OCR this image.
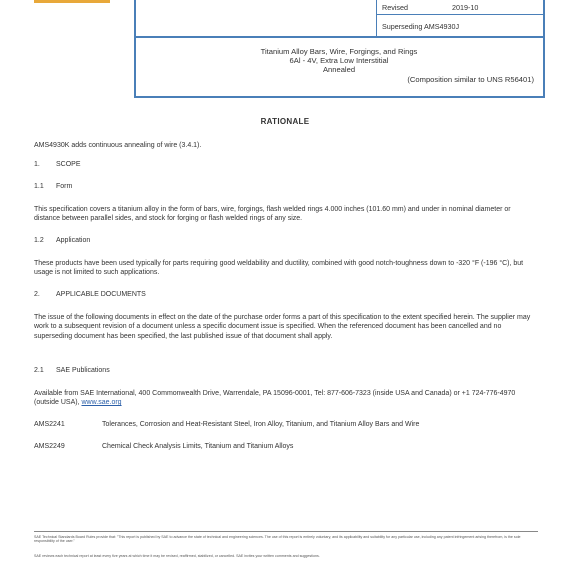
Revised	2019-10
Superseding AMS4930J
Titanium Alloy Bars, Wire, Forgings, and Rings
6Al - 4V, Extra Low Interstitial
Annealed
(Composition similar to UNS R56401)
RATIONALE
AMS4930K adds continuous annealing of wire (3.4.1).
1. SCOPE
1.1 Form
This specification covers a titanium alloy in the form of bars, wire, forgings, flash welded rings 4.000 inches (101.60 mm) and under in nominal diameter or distance between parallel sides, and stock for forging or flash welded rings of any size.
1.2 Application
These products have been used typically for parts requiring good weldability and ductility, combined with good notch-toughness down to -320 °F (-196 °C), but usage is not limited to such applications.
2. APPLICABLE DOCUMENTS
The issue of the following documents in effect on the date of the purchase order forms a part of this specification to the extent specified herein. The supplier may work to a subsequent revision of a document unless a specific document issue is specified. When the referenced document has been cancelled and no superseding document has been specified, the last published issue of that document shall apply.
2.1 SAE Publications
Available from SAE International, 400 Commonwealth Drive, Warrendale, PA 15096-0001, Tel: 877-606-7323 (inside USA and Canada) or +1 724-776-4970 (outside USA), www.sae.org
AMS2241	Tolerances, Corrosion and Heat-Resistant Steel, Iron Alloy, Titanium, and Titanium Alloy Bars and Wire
AMS2249	Chemical Check Analysis Limits, Titanium and Titanium Alloys
SAE Technical Standards Board Rules provide that: "This report is published by SAE to advance the state of technical and engineering sciences. The use of this report is entirely voluntary, and its applicability and suitability for any particular use, including any patent infringement arising therefrom, is the sole responsibility of the user."
SAE reviews each technical report at least every five years at which time it may be revised, reaffirmed, stabilized, or cancelled. SAE invites your written comments and suggestions.
